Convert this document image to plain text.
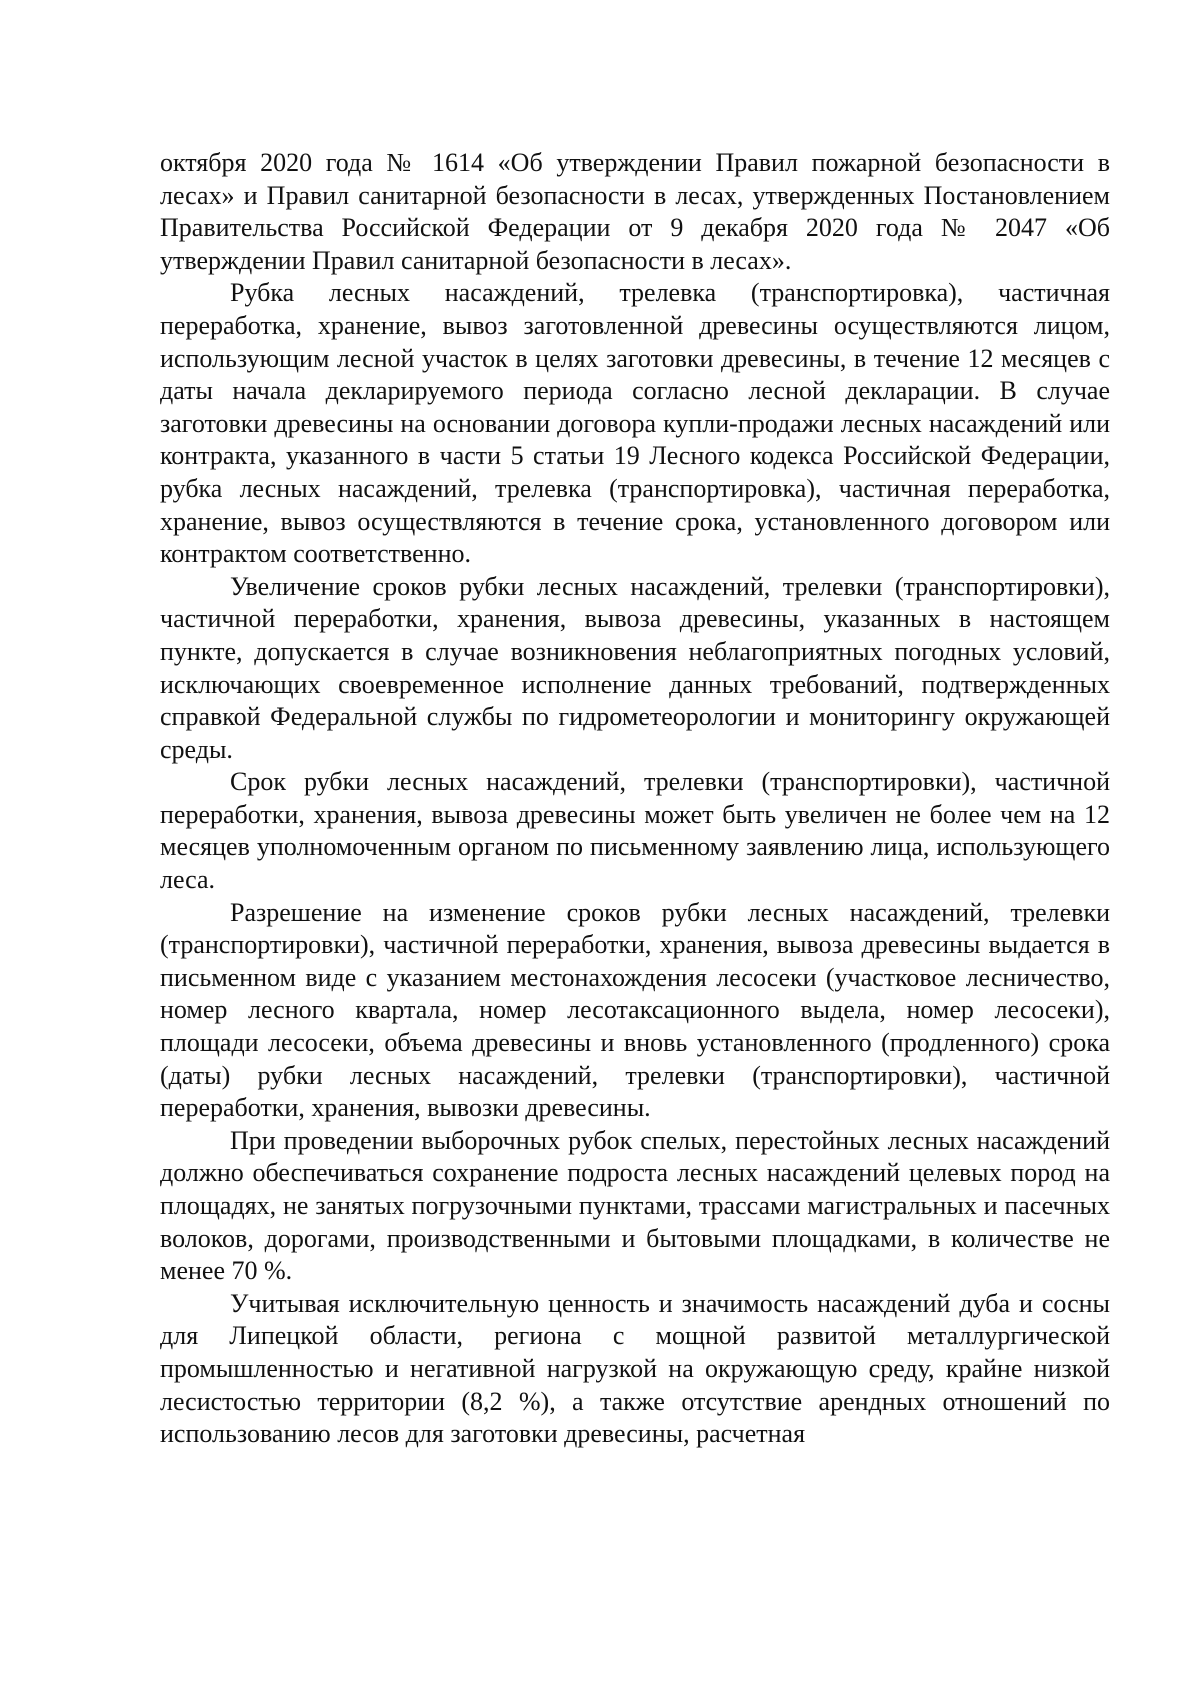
октября 2020 года № 1614 «Об утверждении Правил пожарной безопасности в лесах» и Правил санитарной безопасности в лесах, утвержденных Постановлением Правительства Российской Федерации от 9 декабря 2020 года № 2047 «Об утверждении Правил санитарной безопасности в лесах».

Рубка лесных насаждений, трелевка (транспортировка), частичная переработка, хранение, вывоз заготовленной древесины осуществляются лицом, использующим лесной участок в целях заготовки древесины, в течение 12 месяцев с даты начала декларируемого периода согласно лесной декларации. В случае заготовки древесины на основании договора купли-продажи лесных насаждений или контракта, указанного в части 5 статьи 19 Лесного кодекса Российской Федерации, рубка лесных насаждений, трелевка (транспортировка), частичная переработка, хранение, вывоз осуществляются в течение срока, установленного договором или контрактом соответственно.

Увеличение сроков рубки лесных насаждений, трелевки (транспортировки), частичной переработки, хранения, вывоза древесины, указанных в настоящем пункте, допускается в случае возникновения неблагоприятных погодных условий, исключающих своевременное исполнение данных требований, подтвержденных справкой Федеральной службы по гидрометеорологии и мониторингу окружающей среды.

Срок рубки лесных насаждений, трелевки (транспортировки), частичной переработки, хранения, вывоза древесины может быть увеличен не более чем на 12 месяцев уполномоченным органом по письменному заявлению лица, использующего леса.

Разрешение на изменение сроков рубки лесных насаждений, трелевки (транспортировки), частичной переработки, хранения, вывоза древесины выдается в письменном виде с указанием местонахождения лесосеки (участковое лесничество, номер лесного квартала, номер лесотаксационного выдела, номер лесосеки), площади лесосеки, объема древесины и вновь установленного (продленного) срока (даты) рубки лесных насаждений, трелевки (транспортировки), частичной переработки, хранения, вывозки древесины.

При проведении выборочных рубок спелых, перестойных лесных насаждений должно обеспечиваться сохранение подроста лесных насаждений целевых пород на площадях, не занятых погрузочными пунктами, трассами магистральных и пасечных волоков, дорогами, производственными и бытовыми площадками, в количестве не менее 70 %.

Учитывая исключительную ценность и значимость насаждений дуба и сосны для Липецкой области, региона с мощной развитой металлургической промышленностью и негативной нагрузкой на окружающую среду, крайне низкой лесистостью территории (8,2 %), а также отсутствие арендных отношений по использованию лесов для заготовки древесины, расчетная
